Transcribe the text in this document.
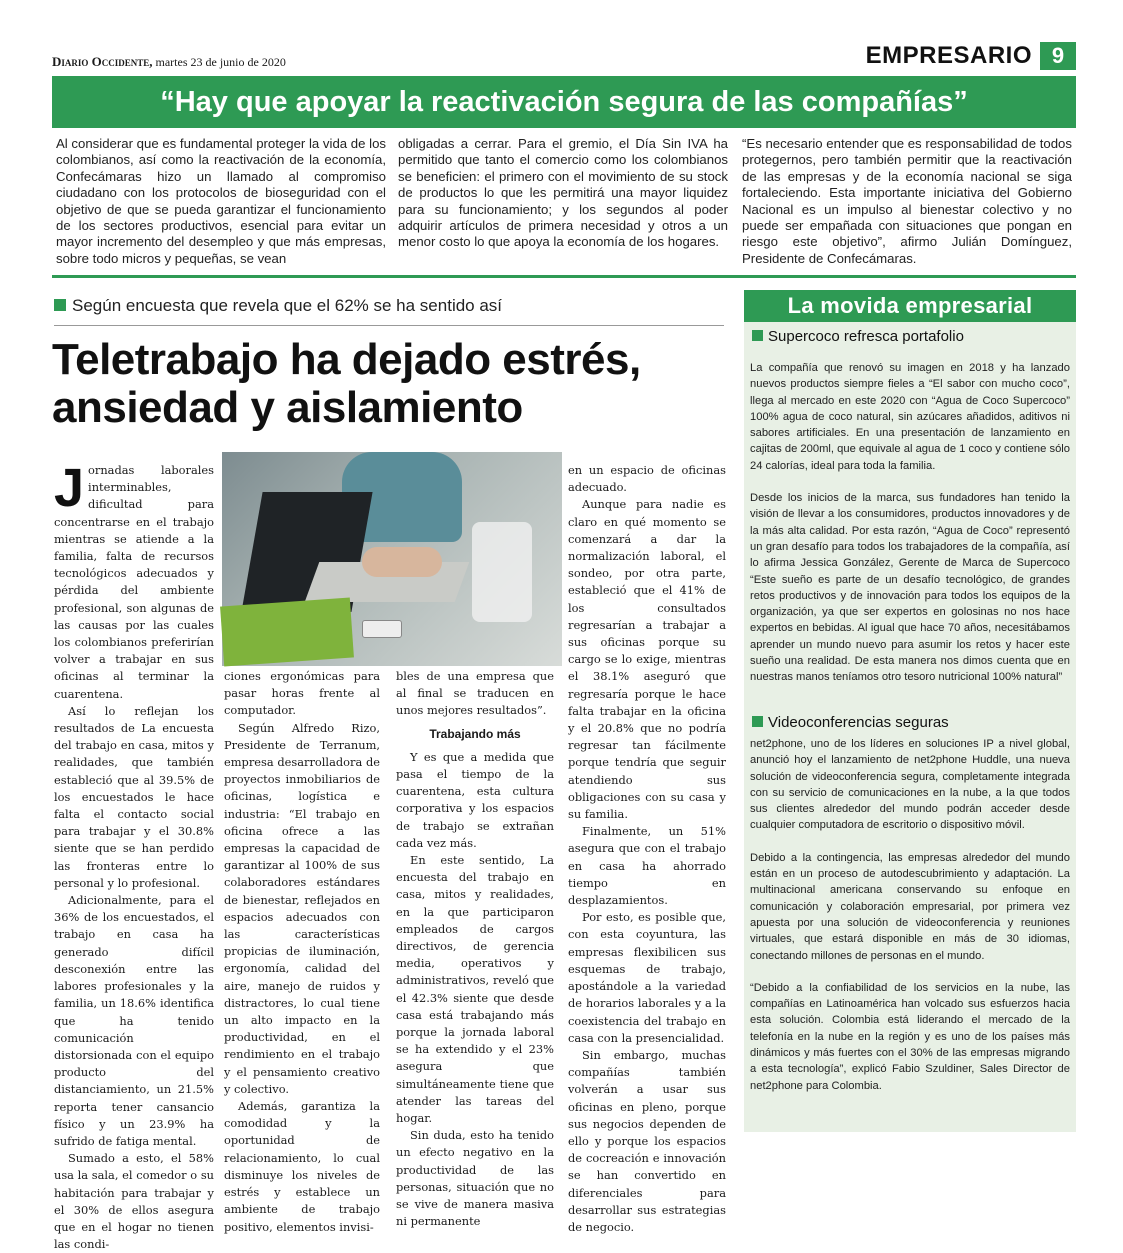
Diario Occidente, martes 23 de junio de 2020	EMPRESARIO 9
“Hay que apoyar la reactivación segura de las compañías”
Al considerar que es fundamental proteger la vida de los colombianos, así como la reactivación de la economía, Confecámaras hizo un llamado al compromiso ciudadano con los protocolos de bioseguridad con el objetivo de que se pueda garantizar el funcionamiento de los sectores productivos, esencial para evitar un mayor incremento del desempleo y que más empresas, sobre todo micros y pequeñas, se vean
obligadas a cerrar. Para el gremio, el Día Sin IVA ha permitido que tanto el comercio como los colombianos se beneficien: el primero con el movimiento de su stock de productos lo que les permitirá una mayor liquidez para su funcionamiento; y los segundos al poder adquirir artículos de primera necesidad y otros a un menor costo lo que apoya la economía de los hogares.
“Es necesario entender que es responsabilidad de todos protegernos, pero también permitir que la reactivación de las empresas y de la economía nacional se siga fortaleciendo. Esta importante iniciativa del Gobierno Nacional es un impulso al bienestar colectivo y no puede ser empañada con situaciones que pongan en riesgo este objetivo”, afirmo Julián Domínguez, Presidente de Confecámaras.
Según encuesta que revela que el 62% se ha sentido así
Teletrabajo ha dejado estrés,
ansiedad y aislamiento

Jornadas laborales interminables, dificultad para concentrarse en el trabajo mientras se atiende a la familia, falta de recursos tecnológicos adecuados y pérdida del ambiente profesional, son algunas de las causas por las cuales los colombianos preferirían volver a trabajar en sus oficinas al terminar la cuarentena.

Así lo reflejan los resultados de La encuesta del trabajo en casa, mitos y realidades, que también estableció que al 39.5% de los encuestados le hace falta el contacto social para trabajar y el 30.8% siente que se han perdido las fronteras entre lo personal y lo profesional.

Adicionalmente, para el 36% de los encuestados, el trabajo en casa ha generado difícil desconexión entre las labores profesionales y la familia, un 18.6% identifica que ha tenido comunicación distorsionada con el equipo producto del distanciamiento, un 21.5% reporta tener cansancio físico y un 23.9% ha sufrido de fatiga mental.

Sumado a esto, el 58% usa la sala, el comedor o su habitación para trabajar y el 30% de ellos asegura que en el hogar no tienen las condi-

ciones ergonómicas para pasar horas frente al computador.

Según Alfredo Rizo, Presidente de Terranum, empresa desarrolladora de proyectos inmobiliarios de oficinas, logística e industria: “El trabajo en oficina ofrece a las empresas la capacidad de garantizar al 100% de sus colaboradores estándares de bienestar, reflejados en espacios adecuados con las características propicias de iluminación, ergonomía, calidad del aire, manejo de ruidos y distractores, lo cual tiene un alto impacto en la productividad, en el rendimiento en el trabajo y el pensamiento creativo y colectivo.

Además, garantiza la comodidad y la oportunidad de relacionamiento, lo cual disminuye los niveles de estrés y establece un ambiente de trabajo positivo, elementos invisi-

bles de una empresa que al final se traducen en unos mejores resultados”.

Trabajando más

Y es que a medida que pasa el tiempo de la cuarentena, esta cultura corporativa y los espacios de trabajo se extrañan cada vez más.

En este sentido, La encuesta del trabajo en casa, mitos y realidades, en la que participaron empleados de cargos directivos, de gerencia media, operativos y administrativos, reveló que el 42.3% siente que desde casa está trabajando más porque la jornada laboral se ha extendido y el 23% asegura que simultáneamente tiene que atender las tareas del hogar.

Sin duda, esto ha tenido un efecto negativo en la productividad de las personas, situación que no se vive de manera masiva ni permanente

en un espacio de oficinas adecuado.

Aunque para nadie es claro en qué momento se comenzará a dar la normalización laboral, el sondeo, por otra parte, estableció que el 41% de los consultados regresarían a trabajar a sus oficinas porque su cargo se lo exige, mientras el 38.1% aseguró que regresaría porque le hace falta trabajar en la oficina y el 20.8% que no podría regresar tan fácilmente porque tendría que seguir atendiendo sus obligaciones con su casa y su familia.

Finalmente, un 51% asegura que con el trabajo en casa ha ahorrado tiempo en desplazamientos.

Por esto, es posible que, con esta coyuntura, las empresas flexibilicen sus esquemas de trabajo, apostándole a la variedad de horarios laborales y a la coexistencia del trabajo en casa con la presencialidad.

Sin embargo, muchas compañías también volverán a usar sus oficinas en pleno, porque sus negocios dependen de ello y porque los espacios de cocreación e innovación se han convertido en diferenciales para desarrollar sus estrategias de negocio.

La movida empresarial
Supercoco refresca portafolio

La compañía que renovó su imagen en 2018 y ha lanzado nuevos productos siempre fieles a “El sabor con mucho coco”, llega al mercado en este 2020 con “Agua de Coco Supercoco” 100% agua de coco natural, sin azúcares añadidos, aditivos ni sabores artificiales. En una presentación de lanzamiento en cajitas de 200ml, que equivale al agua de 1 coco y contiene sólo 24 calorías, ideal para toda la familia.

Desde los inicios de la marca, sus fundadores han tenido la visión de llevar a los consumidores, productos innovadores y de la más alta calidad. Por esta razón, “Agua de Coco” representó un gran desafío para todos los trabajadores de la compañía, así lo afirma Jessica González, Gerente de Marca de Supercoco “Este sueño es parte de un desafío tecnológico, de grandes retos productivos y de innovación para todos los equipos de la organización, ya que ser expertos en golosinas no nos hace expertos en bebidas. Al igual que hace 70 años, necesitábamos aprender un mundo nuevo para asumir los retos y hacer este sueño una realidad. De esta manera nos dimos cuenta que en nuestras manos teníamos otro tesoro nutricional 100% natural”

Videoconferencias seguras

net2phone, uno de los líderes en soluciones IP a nivel global, anunció hoy el lanzamiento de net2phone Huddle, una nueva solución de videoconferencia segura, completamente integrada con su servicio de comunicaciones en la nube, a la que todos sus clientes alrededor del mundo podrán acceder desde cualquier computadora de escritorio o dispositivo móvil.

Debido a la contingencia, las empresas alrededor del mundo están en un proceso de autodescubrimiento y adaptación. La multinacional americana conservando su enfoque en comunicación y colaboración empresarial, por primera vez apuesta por una solución de videoconferencia y reuniones virtuales, que estará disponible en más de 30 idiomas, conectando millones de personas en el mundo.

“Debido a la confiabilidad de los servicios en la nube, las compañías en Latinoamérica han volcado sus esfuerzos hacia esta solución. Colombia está liderando el mercado de la telefonía en la nube en la región y es uno de los países más dinámicos y más fuertes con el 30% de las empresas migrando a esta tecnología”, explicó Fabio Szuldiner, Sales Director de net2phone para Colombia.
